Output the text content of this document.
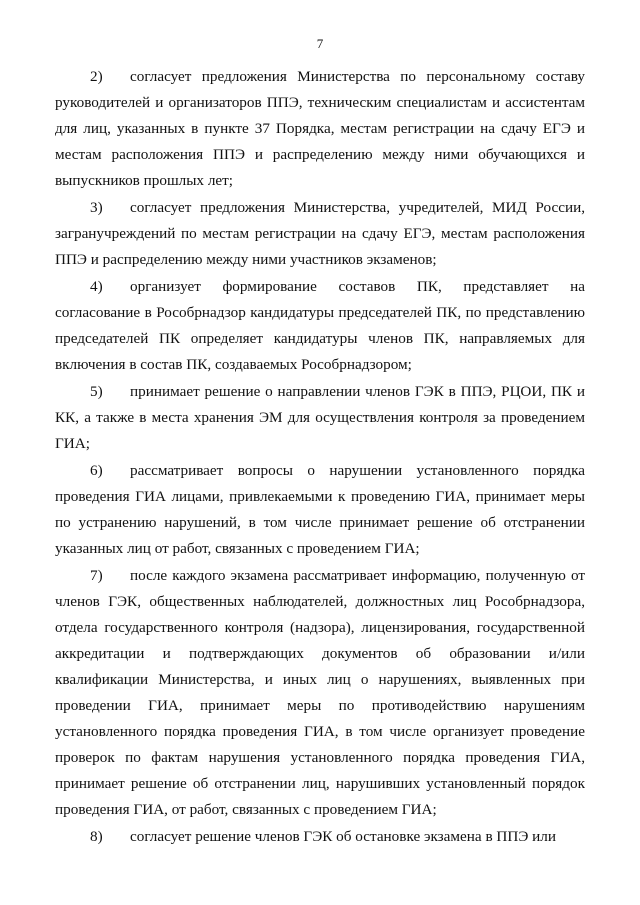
7

2) согласует предложения Министерства по персональному составу руководителей и организаторов ППЭ, техническим специалистам и ассистентам для лиц, указанных в пункте 37 Порядка, местам регистрации на сдачу ЕГЭ и местам расположения ППЭ и распределению между ними обучающихся и выпускников прошлых лет;

3) согласует предложения Министерства, учредителей, МИД России, загранучреждений по местам регистрации на сдачу ЕГЭ, местам расположения ППЭ и распределению между ними участников экзаменов;

4) организует формирование составов ПК, представляет на согласование в Рособрнадзор кандидатуры председателей ПК, по представлению председателей ПК определяет кандидатуры членов ПК, направляемых для включения в состав ПК, создаваемых Рособрнадзором;

5) принимает решение о направлении членов ГЭК в ППЭ, РЦОИ, ПК и КК, а также в места хранения ЭМ для осуществления контроля за проведением ГИА;

6) рассматривает вопросы о нарушении установленного порядка проведения ГИА лицами, привлекаемыми к проведению ГИА, принимает меры по устранению нарушений, в том числе принимает решение об отстранении указанных лиц от работ, связанных с проведением ГИА;

7) после каждого экзамена рассматривает информацию, полученную от членов ГЭК, общественных наблюдателей, должностных лиц Рособрнадзора, отдела государственного контроля (надзора), лицензирования, государственной аккредитации и подтверждающих документов об образовании и/или квалификации Министерства, и иных лиц о нарушениях, выявленных при проведении ГИА, принимает меры по противодействию нарушениям установленного порядка проведения ГИА, в том числе организует проведение проверок по фактам нарушения установленного порядка проведения ГИА, принимает решение об отстранении лиц, нарушивших установленный порядок проведения ГИА, от работ, связанных с проведением ГИА;

8) согласует решение членов ГЭК об остановке экзамена в ППЭ или
